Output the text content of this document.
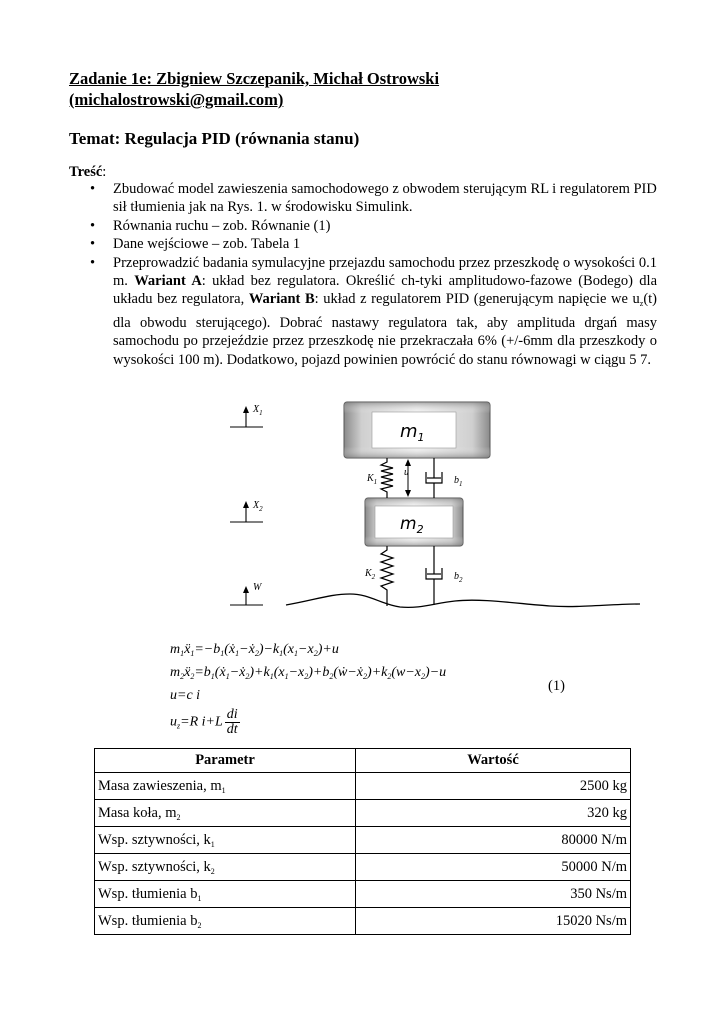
Zadanie 1e: Zbigniew Szczepanik, Michał Ostrowski
(michalostrowski@gmail.com)
Temat: Regulacja PID (równania stanu)
Treść:
• Zbudować model zawieszenia samochodowego z obwodem sterującym RL i regulatorem PID sił tłumienia jak na Rys. 1. w środowisku Simulink.
• Równania ruchu – zob. Równanie (1)
• Dane wejściowe – zob. Tabela 1
• Przeprowadzić badania symulacyjne przejazdu samochodu przez przeszkodę o wysokości 0.1 m. Wariant A: układ bez regulatora. Określić ch-tyki amplitudowo-fazowe (Bodego) dla układu bez regulatora, Wariant B: układ z regulatorem PID (generującym napięcie we $u_z(t)$ dla obwodu sterującego). Dobrać nastawy regulatora tak, aby amplituda drgań masy samochodu po przejeździe przez przeszkodę nie przekraczała 6% (+/-6mm dla przeszkody o wysokości 100 m). Dodatkowo, pojazd powinien powrócić do stanu równowagi w ciągu 5 7.
$m_1$
$m_2$
$K_1$
u
$b_1$
$K_2$	$b_2$
$X_1$
$X_2$
W
$m_1ẍ_1=-b_1(ẋ_1-ẋ_2)-k_1(x_1-x_2)+u$
$m_2ẍ_2=b_1(ẋ_1-ẋ_2)+k_1(x_1-x_2)+b_2(ẇ-ẋ_2)+k_2(w-x_2)-u$
u=c i
$u_z=R$ $i+L \frac{di}{dt}$
(1)
Parametr	Wartość
Masa zawieszenia, $m_1$	2500 kg
Masa koła, $m_2$	320 kg
Wsp. sztywności, $k_1$	80000 N/m
Wsp. sztywności, $k_2$	50000 N/m
Wsp. tłumienia $b_1$	350 Ns/m
Wsp. tłumienia $b_2$	15020 Ns/m
